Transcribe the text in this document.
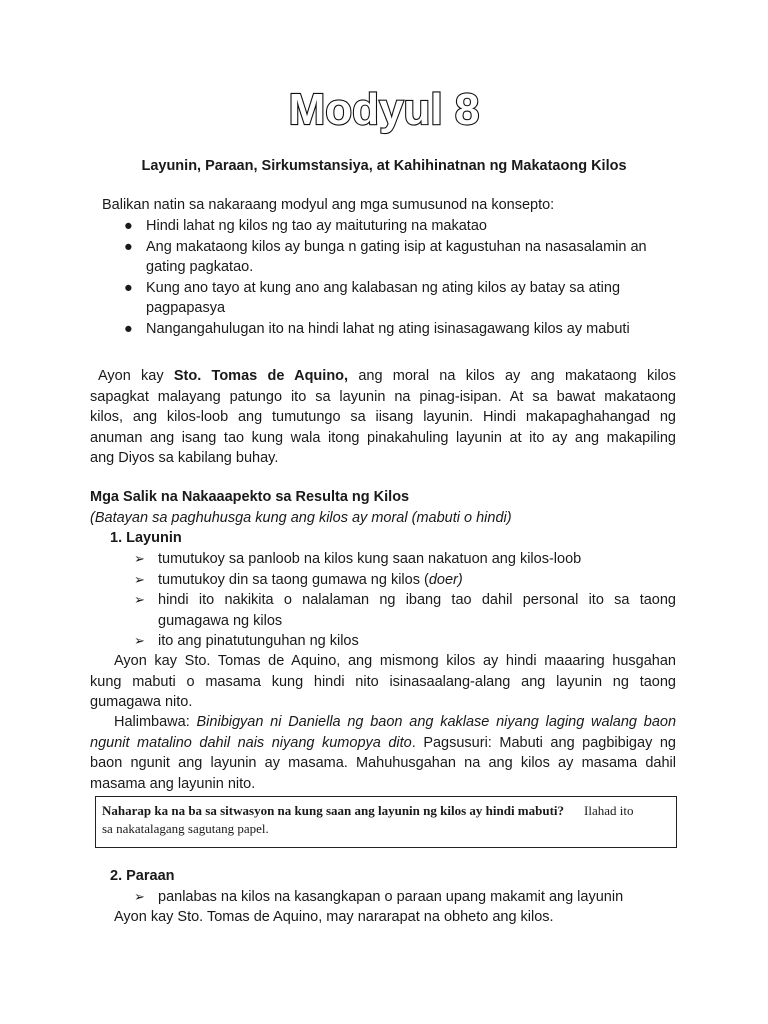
Modyul 8
Layunin, Paraan, Sirkumstansiya, at Kahihinatnan ng Makataong Kilos
Balikan natin sa nakaraang modyul ang mga sumusunod na konsepto:
● Hindi lahat ng kilos ng tao ay maituturing na makatao
● Ang makataong kilos ay bunga n gating isip at kagustuhan na nasasalamin an
gating pagkatao.
● Kung ano tayo at kung ano ang kalabasan ng ating kilos ay batay sa ating
pagpapasya
● Nangangahulugan ito na hindi lahat ng ating isinasagawang kilos ay mabuti
Ayon kay Sto. Tomas de Aquino, ang moral na kilos ay ang makataong kilos
sapagkat malayang patungo ito sa layunin na pinag-isipan. At sa bawat makataong
kilos, ang kilos-loob ang tumutungo sa iisang layunin. Hindi makapaghahangad ng
anuman ang isang tao kung wala itong pinakahuling layunin at ito ay ang makapiling
ang Diyos sa kabilang buhay.
Mga Salik na Nakaaapekto sa Resulta ng Kilos
(Batayan sa paghuhusga kung ang kilos ay moral (mabuti o hindi)
1. Layunin
➢ tumutukoy sa panloob na kilos kung saan nakatuon ang kilos-loob
➢ tumutukoy din sa taong gumawa ng kilos (doer)
➢ hindi ito nakikita o nalalaman ng ibang tao dahil personal ito sa taong
gumagawa ng kilos
➢ ito ang pinatutunguhan ng kilos
Ayon kay Sto. Tomas de Aquino, ang mismong kilos ay hindi maaaring husgahan
kung mabuti o masama kung hindi nito isinasaalang-alang ang layunin ng taong
gumagawa nito.
Halimbawa: Binibigyan ni Daniella ng baon ang kaklase niyang laging walang baon
ngunit matalino dahil nais niyang kumopya dito. Pagsusuri: Mabuti ang pagbibigay ng
baon ngunit ang layunin ay masama. Mahuhusgahan na ang kilos ay masama dahil
masama ang layunin nito.
Naharap ka na ba sa sitwasyon na kung saan ang layunin ng kilos ay hindi mabuti? Ilahad ito
sa nakatalagang sagutang papel.
2. Paraan
➢ panlabas na kilos na kasangkapan o paraan upang makamit ang layunin
Ayon kay Sto. Tomas de Aquino, may nararapat na obheto ang kilos.
